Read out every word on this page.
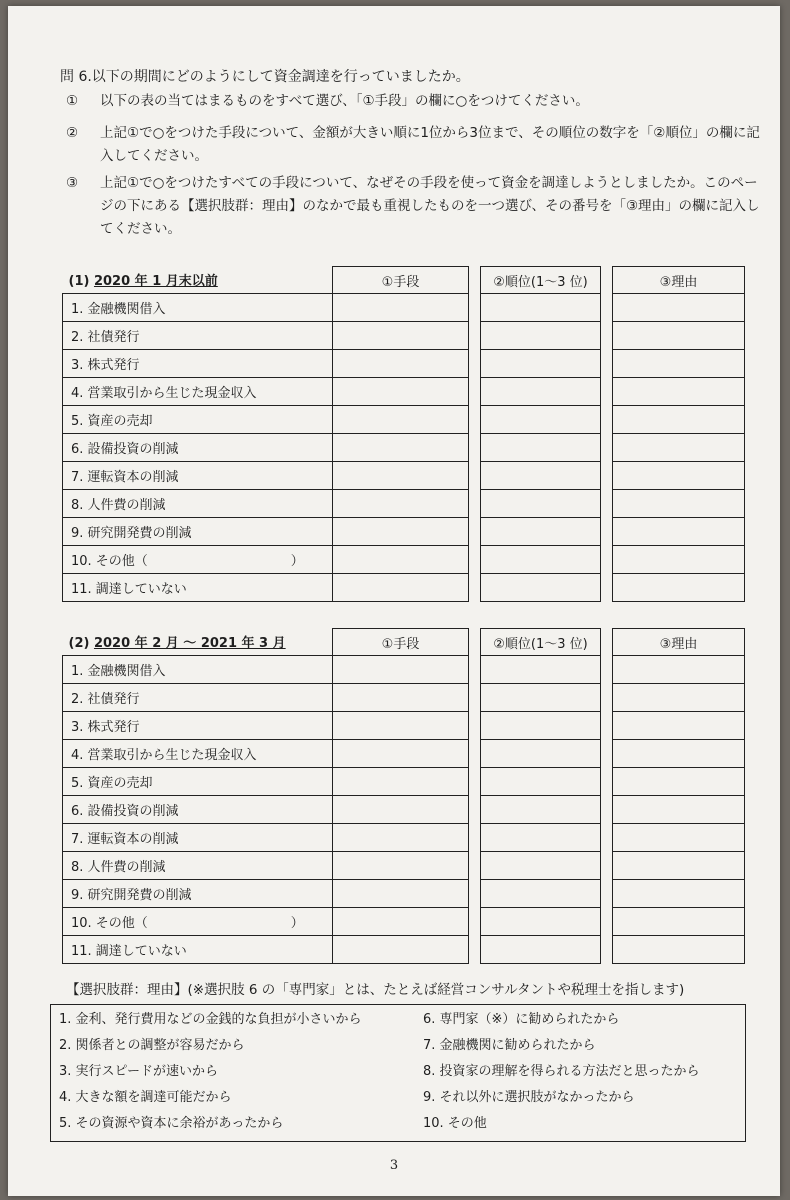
問 6.以下の期間にどのようにして資金調達を行っていましたか。
①	以下の表の当てはまるものをすべて選び、「①手段」の欄に○をつけてください。
②	上記①で○をつけた手段について、金額が大きい順に1位から3位まで、その順位の数字を「②順位」の欄に記入してください。
③	上記①で○をつけたすべての手段について、なぜその手段を使って資金を調達しようとしましたか。このページの下にある【選択肢群：理由】のなかで最も重視したものを一つ選び、その番号を「③理由」の欄に記入してください。
(1) 2020 年 1 月末以前	①手段		②順位(1～3 位)		③理由
1. 金融機関借入					
2. 社債発行					
3. 株式発行					
4. 営業取引から生じた現金収入					
5. 資産の売却					
6. 設備投資の削減					
7. 運転資本の削減					
8. 人件費の削減					
9. 研究開発費の削減					
10. その他（　　　　　　　　　　　）					
11. 調達していない					
(2) 2020 年 2 月 ～ 2021 年 3 月	①手段		②順位(1～3 位)		③理由
1. 金融機関借入					
2. 社債発行					
3. 株式発行					
4. 営業取引から生じた現金収入					
5. 資産の売却					
6. 設備投資の削減					
7. 運転資本の削減					
8. 人件費の削減					
9. 研究開発費の削減					
10. その他（　　　　　　　　　　　）					
11. 調達していない					
【選択肢群：理由】(※選択肢 6 の「専門家」とは、たとえば経営コンサルタントや税理士を指します)
1. 金利、発行費用などの金銭的な負担が小さいから
2. 関係者との調整が容易だから
3. 実行スピードが速いから
4. 大きな額を調達可能だから
5. その資源や資本に余裕があったから
6. 専門家（※）に勧められたから
7. 金融機関に勧められたから
8. 投資家の理解を得られる方法だと思ったから
9. それ以外に選択肢がなかったから
10. その他
3
